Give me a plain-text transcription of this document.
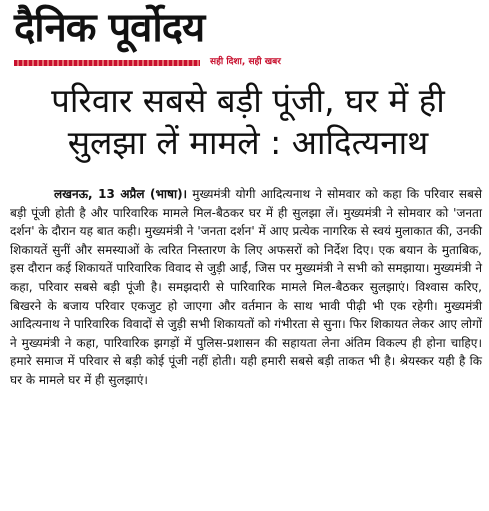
दैनिक पूर्वोदय
सही दिशा, सही खबर
परिवार सबसे बड़ी पूंजी, घर में ही सुलझा लें मामले : आदित्यनाथ
लखनऊ, 13 अप्रैल (भाषा)। मुख्यमंत्री योगी आदित्यनाथ ने सोमवार को कहा कि परिवार सबसे बड़ी पूंजी होती है और पारिवारिक मामले मिल-बैठकर घर में ही सुलझा लें। मुख्यमंत्री ने सोमवार को 'जनता दर्शन' के दौरान यह बात कही। मुख्यमंत्री ने 'जनता दर्शन' में आए प्रत्येक नागरिक से स्वयं मुलाकात की, उनकी शिकायतें सुनीं और समस्याओं के त्वरित निस्तारण के लिए अफसरों को निर्देश दिए। एक बयान के मुताबिक, इस दौरान कई शिकायतें पारिवारिक विवाद से जुड़ी आईं, जिस पर मुख्यमंत्री ने सभी को समझाया। मुख्यमंत्री ने कहा, परिवार सबसे बड़ी पूंजी है। समझदारी से पारिवारिक मामले मिल-बैठकर सुलझाएं। विश्वास करिए, बिखरने के बजाय परिवार एकजुट हो जाएगा और वर्तमान के साथ भावी पीढ़ी भी एक रहेगी। मुख्यमंत्री आदित्यनाथ ने पारिवारिक विवादों से जुड़ी सभी शिकायतों को गंभीरता से सुना। फिर शिकायत लेकर आए लोगों ने मुख्यमंत्री ने कहा, पारिवारिक झगड़ों में पुलिस-प्रशासन की सहायता लेना अंतिम विकल्प ही होना चाहिए। हमारे समाज में परिवार से बड़ी कोई पूंजी नहीं होती। यही हमारी सबसे बड़ी ताकत भी है। श्रेयस्कर यही है कि घर के मामले घर में ही सुलझाएं।
